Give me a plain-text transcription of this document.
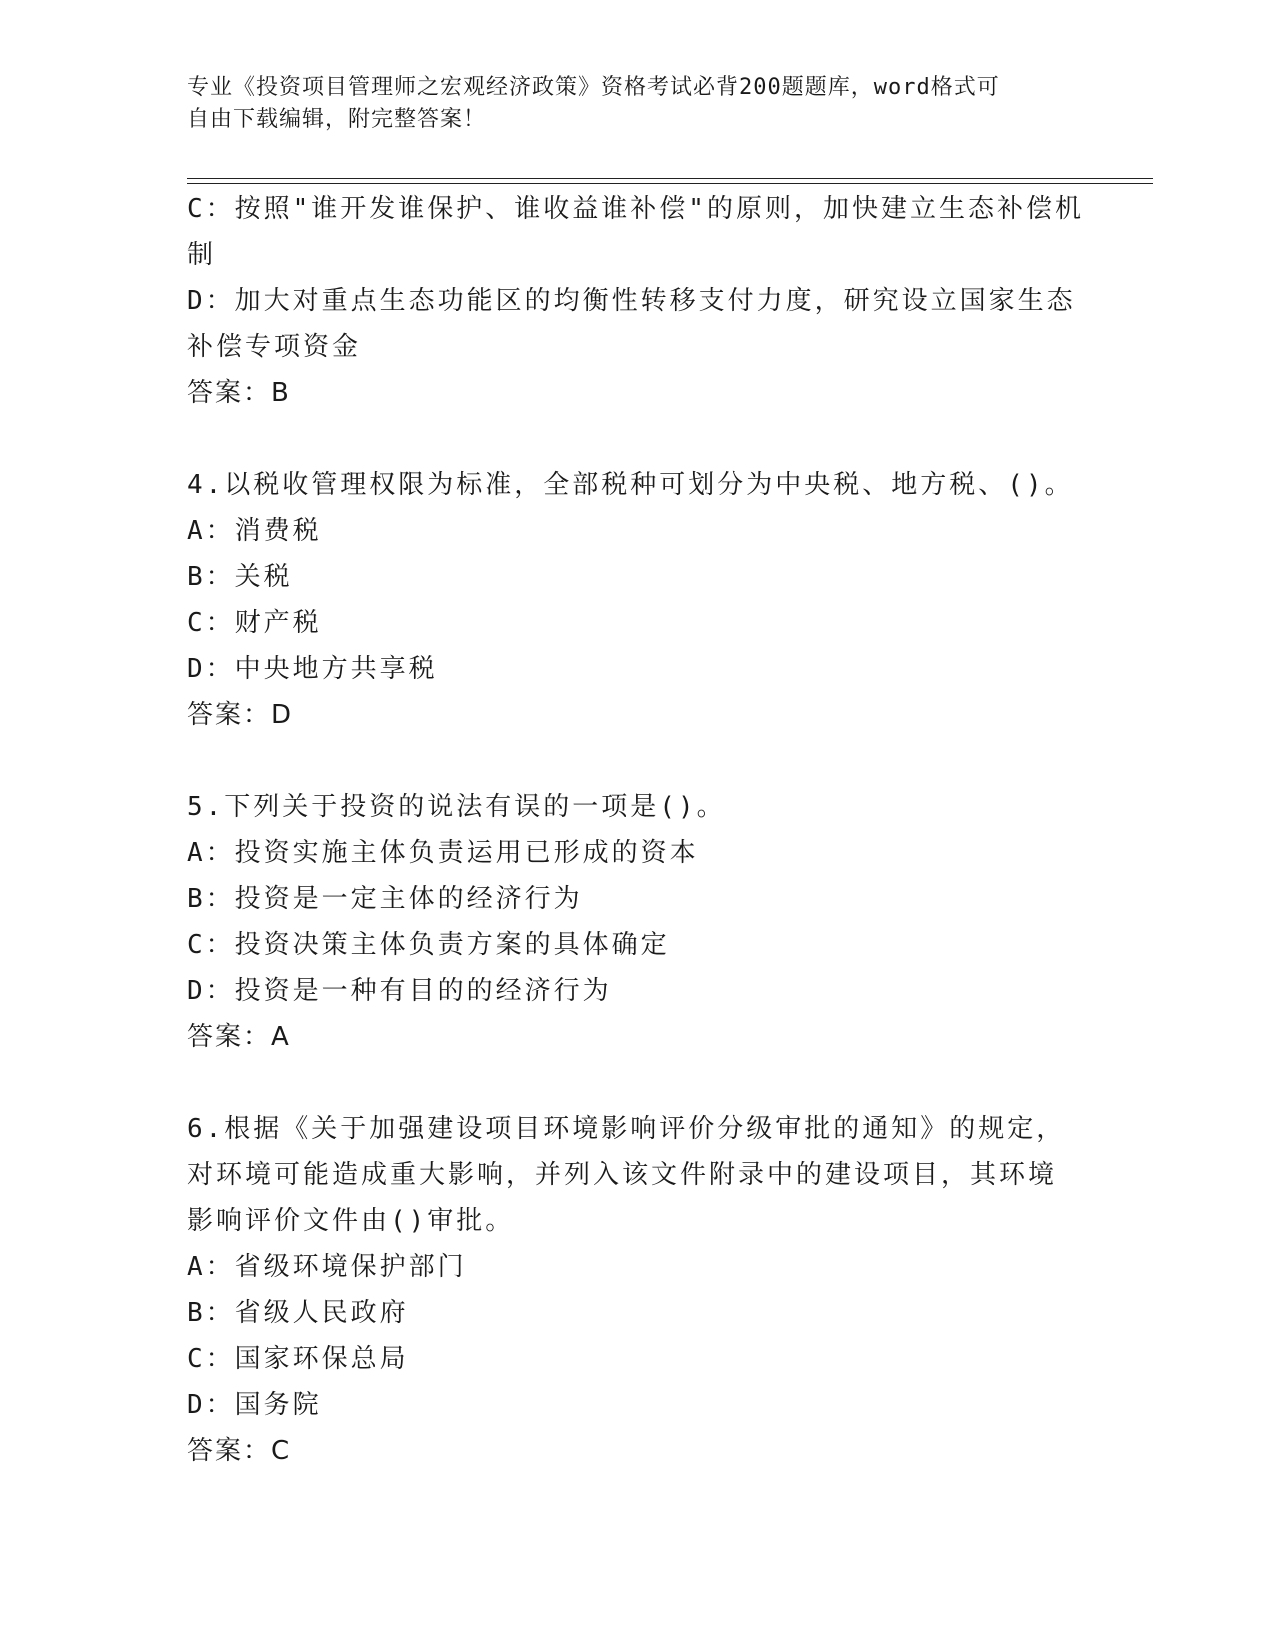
专业《投资项目管理师之宏观经济政策》资格考试必背200题题库，word格式可
自由下载编辑，附完整答案！
C：按照"谁开发谁保护、谁收益谁补偿"的原则，加快建立生态补偿机
制
D：加大对重点生态功能区的均衡性转移支付力度，研究设立国家生态
补偿专项资金
答案：B
4.以税收管理权限为标准，全部税种可划分为中央税、地方税、()。
A：消费税
B：关税
C：财产税
D：中央地方共享税
答案：D
5.下列关于投资的说法有误的一项是()。
A：投资实施主体负责运用已形成的资本
B：投资是一定主体的经济行为
C：投资决策主体负责方案的具体确定
D：投资是一种有目的的经济行为
答案：A
6.根据《关于加强建设项目环境影响评价分级审批的通知》的规定，
对环境可能造成重大影响，并列入该文件附录中的建设项目，其环境
影响评价文件由()审批。
A：省级环境保护部门
B：省级人民政府
C：国家环保总局
D：国务院
答案：C
